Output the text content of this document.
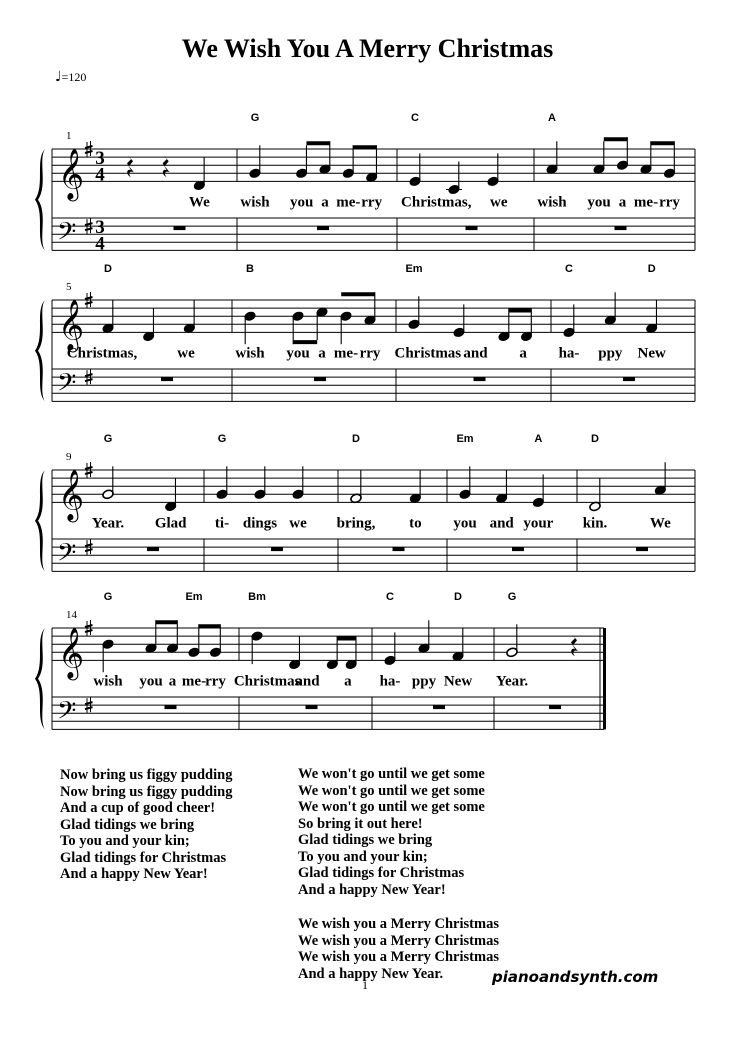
We Wish You A Merry Christmas
♩=120
1
𝄞
𝄢
3
4
3
4
We
G
wish you a me- rry
C
Christmas, we
A
wish you a me- rry
5
𝄞
𝄢
D
Christmas,	we
B
wish you a me- rry
Em
Christmas and a
C	D
ha- ppy New
9
𝄞
𝄢
G
Year. Glad
G
ti- dings we
D
bring, to
Em	A
you and your
D
kin.	We
14
𝄞
𝄢
G	Em
wish you a me- rry
Bm
Christmas
and a
C	D
ha- ppy New
G
Year.
Now bring us figgy pudding
Now bring us figgy pudding
And a cup of good cheer!
Glad tidings we bring
To you and your kin;
Glad tidings for Christmas
And a happy New Year!
We won't go until we get some
We won't go until we get some
We won't go until we get some
So bring it out here!
Glad tidings we bring
To you and your kin;
Glad tidings for Christmas
And a happy New Year!
We wish you a Merry Christmas
We wish you a Merry Christmas
We wish you a Merry Christmas
And a happy New Year.
1	pianoandsynth.com
